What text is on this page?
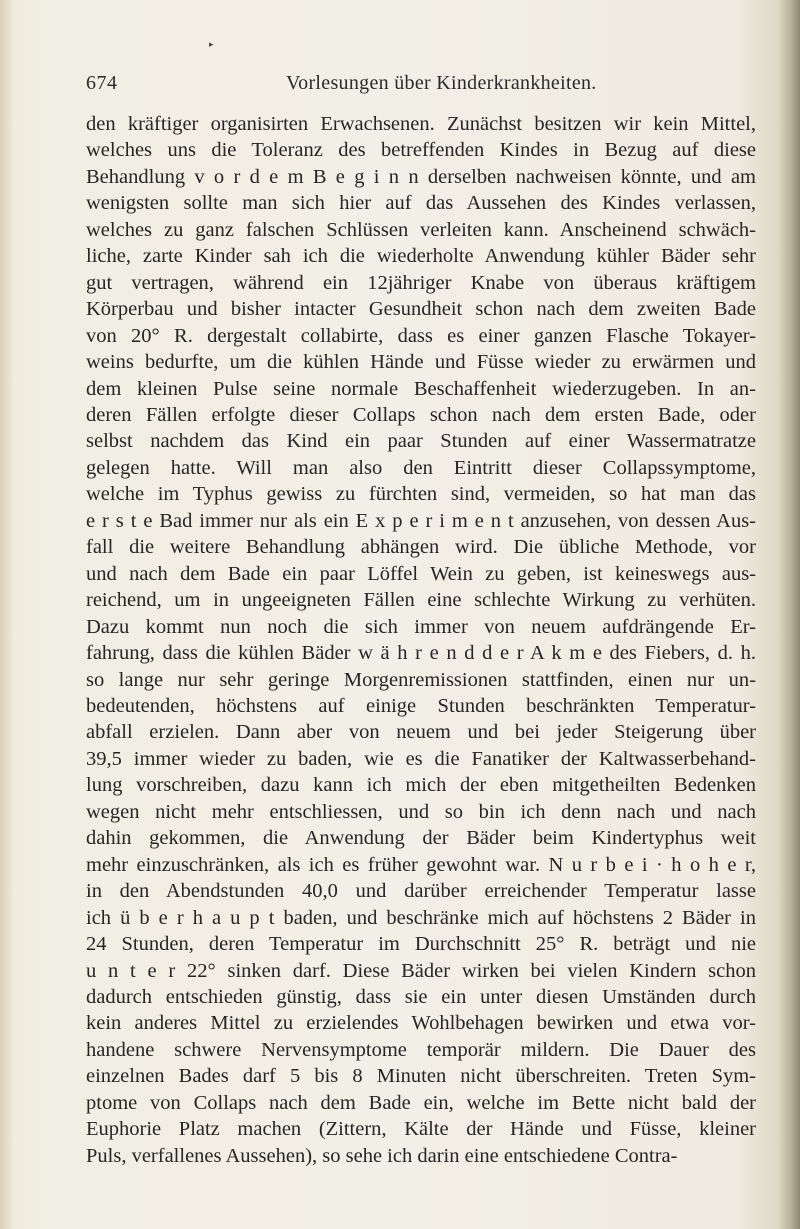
▸
674	Vorlesungen über Kinderkrankheiten.
den kräftiger organisirten Erwachsenen. Zunächst besitzen wir kein Mittel,
welches uns die Toleranz des betreffenden Kindes in Bezug auf diese
Behandlung v o r d e m B e g i n n derselben nachweisen könnte, und am
wenigsten sollte man sich hier auf das Aussehen des Kindes verlassen,
welches zu ganz falschen Schlüssen verleiten kann. Anscheinend schwäch-
liche, zarte Kinder sah ich die wiederholte Anwendung kühler Bäder sehr
gut vertragen, während ein 12jähriger Knabe von überaus kräftigem
Körperbau und bisher intacter Gesundheit schon nach dem zweiten Bade
von 20° R. dergestalt collabirte, dass es einer ganzen Flasche Tokayer-
weins bedurfte, um die kühlen Hände und Füsse wieder zu erwärmen und
dem kleinen Pulse seine normale Beschaffenheit wiederzugeben. In an-
deren Fällen erfolgte dieser Collaps schon nach dem ersten Bade, oder
selbst nachdem das Kind ein paar Stunden auf einer Wassermatratze
gelegen hatte. Will man also den Eintritt dieser Collapssymptome,
welche im Typhus gewiss zu fürchten sind, vermeiden, so hat man das
e r s t e Bad immer nur als ein E x p e r i m e n t anzusehen, von dessen Aus-
fall die weitere Behandlung abhängen wird. Die übliche Methode, vor
und nach dem Bade ein paar Löffel Wein zu geben, ist keineswegs aus-
reichend, um in ungeeigneten Fällen eine schlechte Wirkung zu verhüten.
Dazu kommt nun noch die sich immer von neuem aufdrängende Er-
fahrung, dass die kühlen Bäder w ä h r e n d d e r A k m e des Fiebers, d. h.
so lange nur sehr geringe Morgenremissionen stattfinden, einen nur un-
bedeutenden, höchstens auf einige Stunden beschränkten Temperatur-
abfall erzielen. Dann aber von neuem und bei jeder Steigerung über
39,5 immer wieder zu baden, wie es die Fanatiker der Kaltwasserbehand-
lung vorschreiben, dazu kann ich mich der eben mitgetheilten Bedenken
wegen nicht mehr entschliessen, und so bin ich denn nach und nach
dahin gekommen, die Anwendung der Bäder beim Kindertyphus weit
mehr einzuschränken, als ich es früher gewohnt war. N u r b e i · h o h e r,
in den Abendstunden 40,0 und darüber erreichender Temperatur lasse
ich ü b e r h a u p t baden, und beschränke mich auf höchstens 2 Bäder in
24 Stunden, deren Temperatur im Durchschnitt 25° R. beträgt und nie
u n t e r 22° sinken darf. Diese Bäder wirken bei vielen Kindern schon
dadurch entschieden günstig, dass sie ein unter diesen Umständen durch
kein anderes Mittel zu erzielendes Wohlbehagen bewirken und etwa vor-
handene schwere Nervensymptome temporär mildern. Die Dauer des
einzelnen Bades darf 5 bis 8 Minuten nicht überschreiten. Treten Sym-
ptome von Collaps nach dem Bade ein, welche im Bette nicht bald der
Euphorie Platz machen (Zittern, Kälte der Hände und Füsse, kleiner
Puls, verfallenes Aussehen), so sehe ich darin eine entschiedene Contra-
